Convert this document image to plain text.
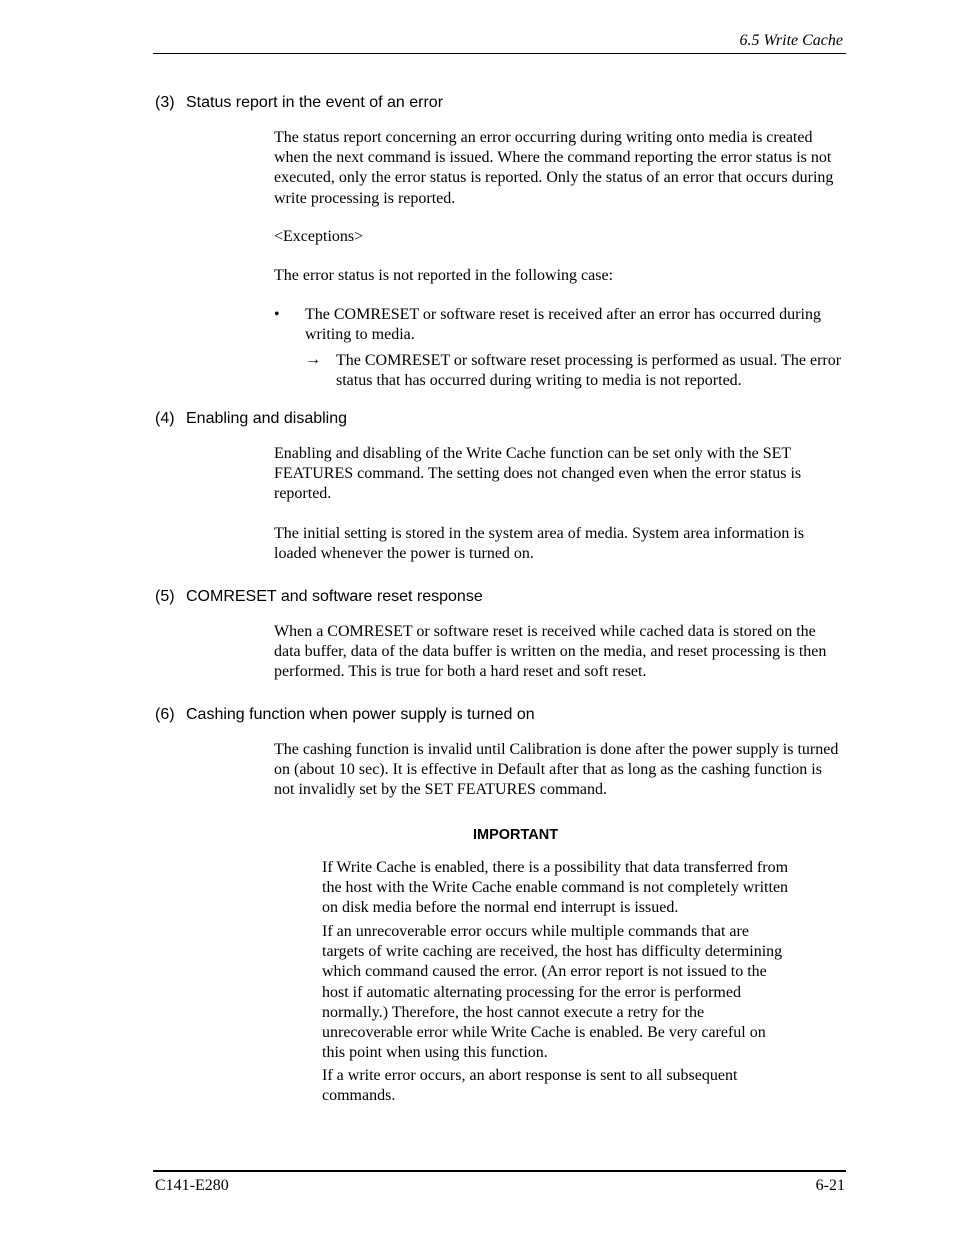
6.5 Write Cache
(3) Status report in the event of an error

The status report concerning an error occurring during writing onto media is created when the next command is issued. Where the command reporting the error status is not executed, only the error status is reported. Only the status of an error that occurs during write processing is reported.

<Exceptions>

The error status is not reported in the following case:

• The COMRESET or software reset is received after an error has occurred during writing to media.

→ The COMRESET or software reset processing is performed as usual. The error status that has occurred during writing to media is not reported.

(4) Enabling and disabling

Enabling and disabling of the Write Cache function can be set only with the SET FEATURES command. The setting does not changed even when the error status is reported.

The initial setting is stored in the system area of media. System area information is loaded whenever the power is turned on.

(5) COMRESET and software reset response

When a COMRESET or software reset is received while cached data is stored on the data buffer, data of the data buffer is written on the media, and reset processing is then performed. This is true for both a hard reset and soft reset.

(6) Cashing function when power supply is turned on

The cashing function is invalid until Calibration is done after the power supply is turned on (about 10 sec). It is effective in Default after that as long as the cashing function is not invalidly set by the SET FEATURES command.

IMPORTANT

If Write Cache is enabled, there is a possibility that data transferred from the host with the Write Cache enable command is not completely written on disk media before the normal end interrupt is issued.

If an unrecoverable error occurs while multiple commands that are targets of write caching are received, the host has difficulty determining which command caused the error. (An error report is not issued to the host if automatic alternating processing for the error is performed normally.) Therefore, the host cannot execute a retry for the unrecoverable error while Write Cache is enabled. Be very careful on this point when using this function.

If a write error occurs, an abort response is sent to all subsequent commands.

C141-E280	6-21
